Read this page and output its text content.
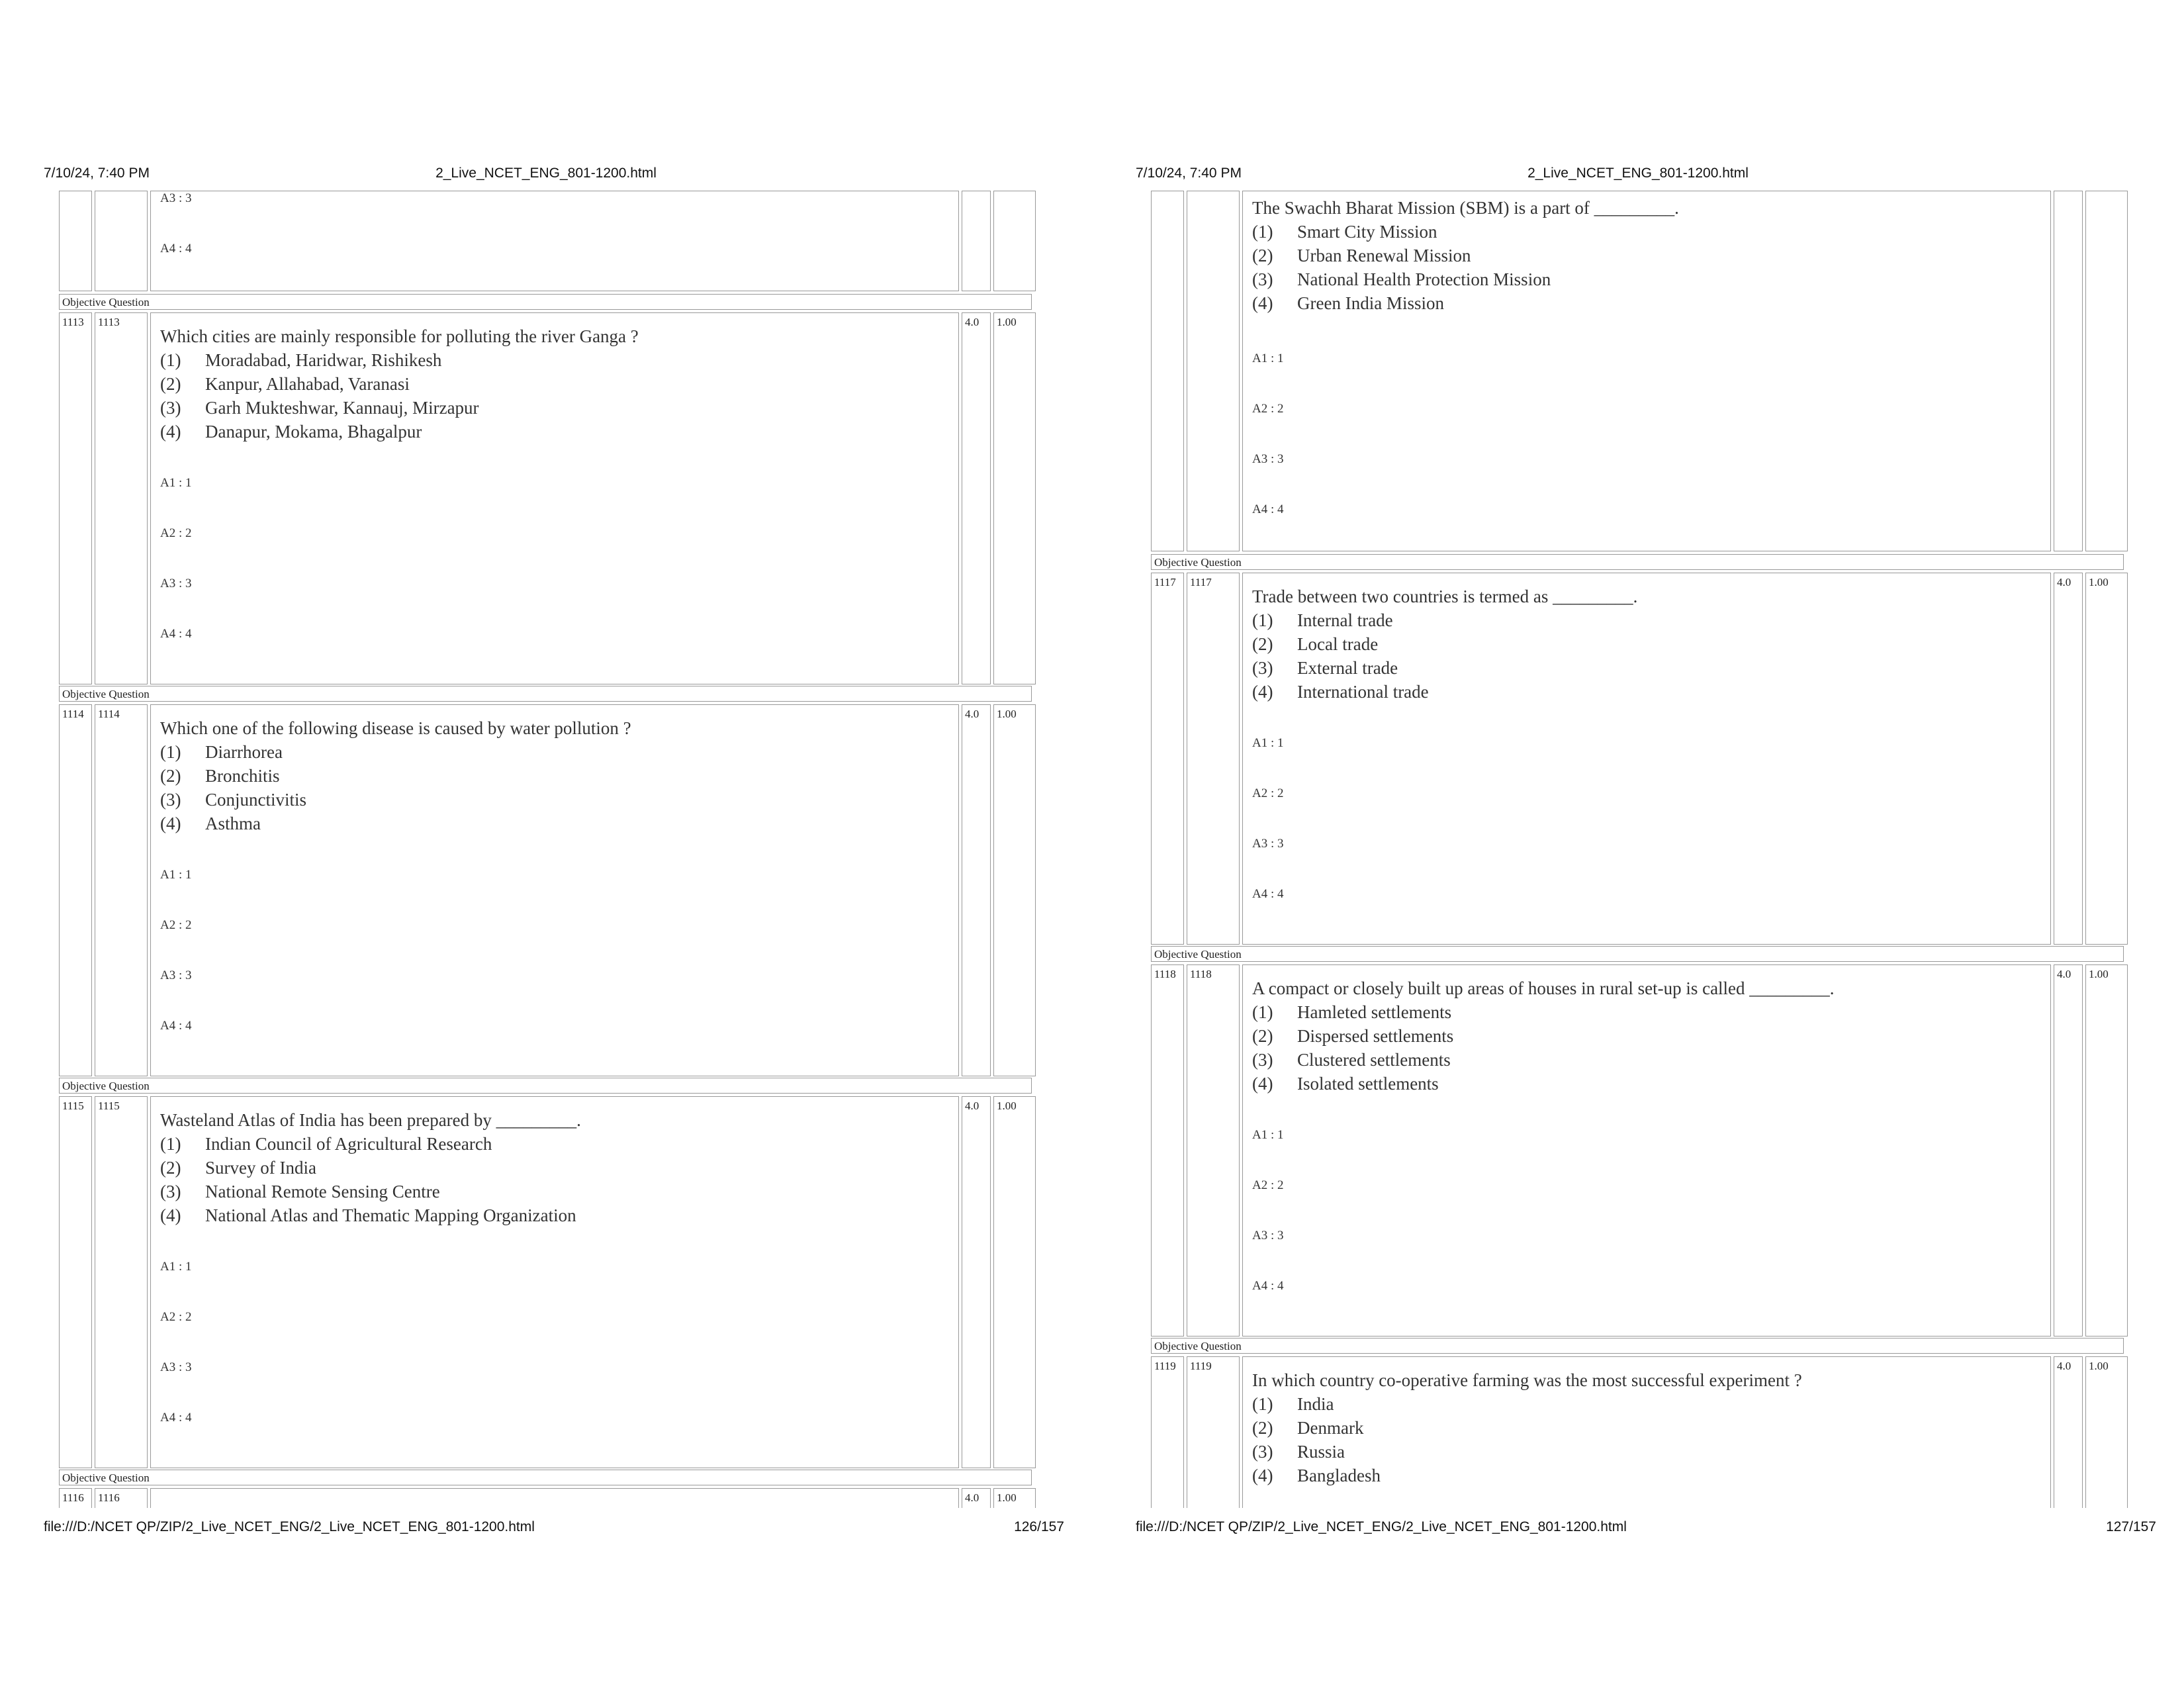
7/10/24, 7:40 PM	2_Live_NCET_ENG_801-1200.html
A3 : 3
A4 : 4
Objective Question
1113	1113
Which cities are mainly responsible for polluting the river Ganga ?
(1) Moradabad, Haridwar, Rishikesh
(2) Kanpur, Allahabad, Varanasi
(3) Garh Mukteshwar, Kannauj, Mirzapur
(4) Danapur, Mokama, Bhagalpur
A1 : 1
A2 : 2
A3 : 3
A4 : 4
4.0	1.00
Objective Question
1114	1114
Which one of the following disease is caused by water pollution ?
(1) Diarrhorea
(2) Bronchitis
(3) Conjunctivitis
(4) Asthma
A1 : 1
A2 : 2
A3 : 3
A4 : 4
4.0	1.00
Objective Question
1115	1115
Wasteland Atlas of India has been prepared by _________.
(1) Indian Council of Agricultural Research
(2) Survey of India
(3) National Remote Sensing Centre
(4) National Atlas and Thematic Mapping Organization
A1 : 1
A2 : 2
A3 : 3
A4 : 4
4.0	1.00
Objective Question
1116	1116	4.0	1.00
file:///D:/NCET QP/ZIP/2_Live_NCET_ENG/2_Live_NCET_ENG_801-1200.html	126/157
7/10/24, 7:40 PM	2_Live_NCET_ENG_801-1200.html
The Swachh Bharat Mission (SBM) is a part of _________.
(1) Smart City Mission
(2) Urban Renewal Mission
(3) National Health Protection Mission
(4) Green India Mission
A1 : 1
A2 : 2
A3 : 3
A4 : 4
Objective Question
1117	1117
Trade between two countries is termed as _________.
(1) Internal trade
(2) Local trade
(3) External trade
(4) International trade
A1 : 1
A2 : 2
A3 : 3
A4 : 4
4.0	1.00
Objective Question
1118	1118
A compact or closely built up areas of houses in rural set-up is called _________.
(1) Hamleted settlements
(2) Dispersed settlements
(3) Clustered settlements
(4) Isolated settlements
A1 : 1
A2 : 2
A3 : 3
A4 : 4
4.0	1.00
Objective Question
1119	1119
In which country co-operative farming was the most successful experiment ?
(1) India
(2) Denmark
(3) Russia
(4) Bangladesh
4.0	1.00
file:///D:/NCET QP/ZIP/2_Live_NCET_ENG/2_Live_NCET_ENG_801-1200.html	127/157
